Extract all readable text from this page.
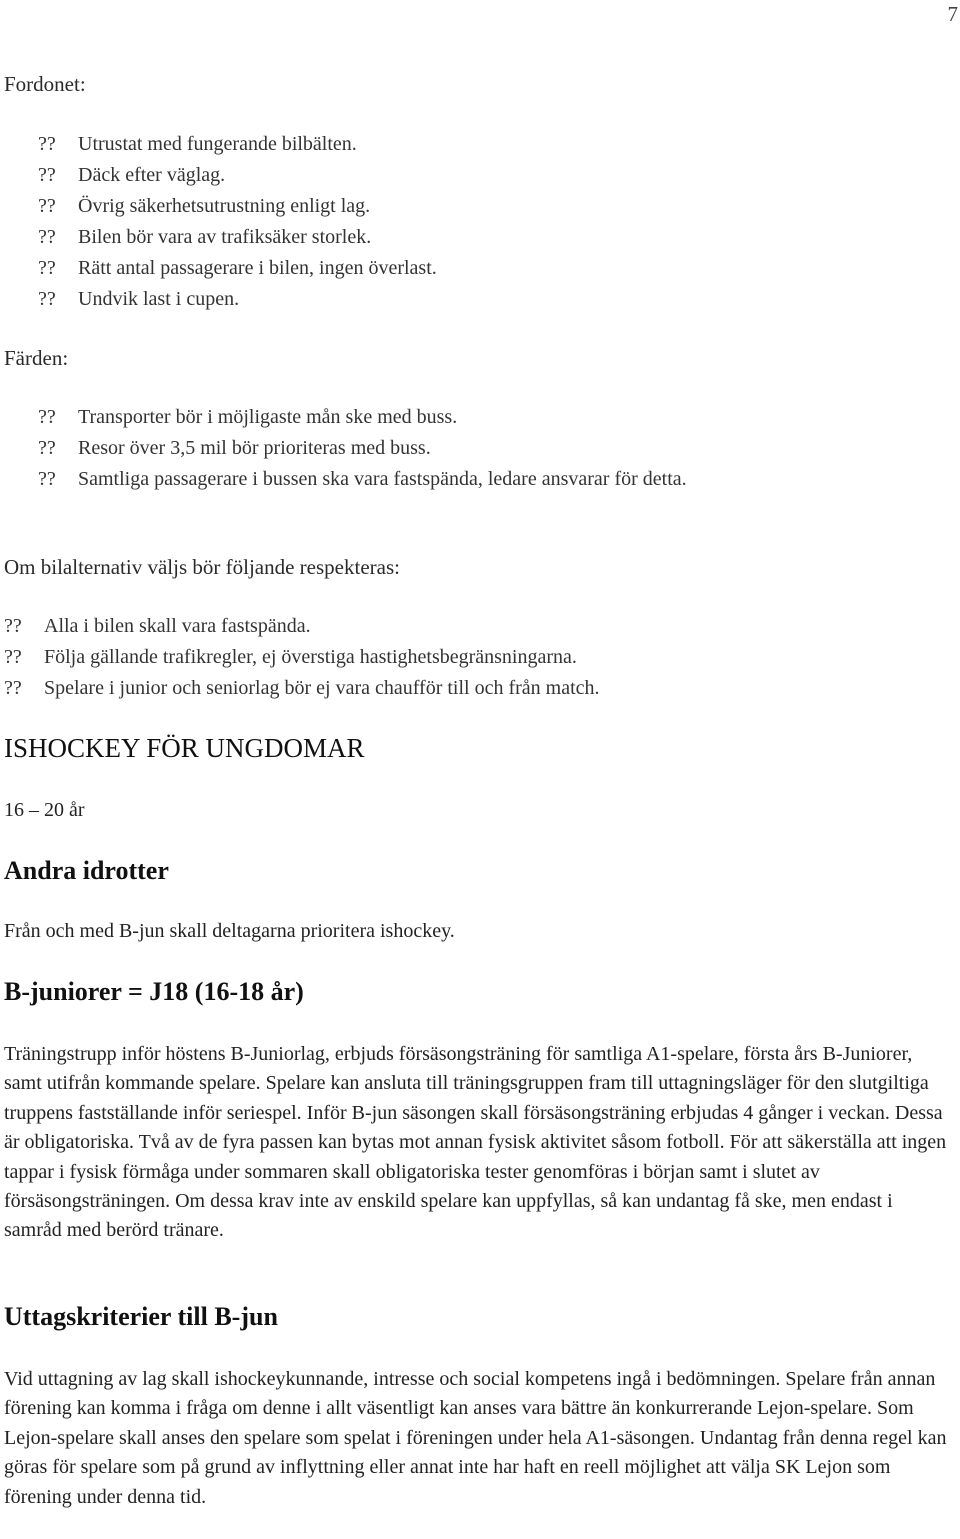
7
Fordonet:
?? Utrustat med fungerande bilbälten.
?? Däck efter väglag.
?? Övrig säkerhetsutrustning enligt lag.
?? Bilen bör vara av trafiksäker storlek.
?? Rätt antal passagerare i bilen, ingen överlast.
?? Undvik last i cupen.
Färden:
?? Transporter bör i möjligaste mån ske med buss.
?? Resor över 3,5 mil bör prioriteras med buss.
?? Samtliga passagerare i bussen ska vara fastspända, ledare ansvarar för detta.
Om bilalternativ väljs bör följande respekteras:
?? Alla i bilen skall vara fastspända.
?? Följa gällande trafikregler, ej överstiga hastighetsbegränsningarna.
?? Spelare i junior och seniorlag bör ej vara chaufför till och från match.
ISHOCKEY FÖR UNGDOMAR
16 – 20 år
Andra idrotter
Från och med B-jun skall deltagarna prioritera ishockey.
B-juniorer = J18 (16-18 år)
Träningstrupp inför höstens B-Juniorlag, erbjuds försäsongsträning för samtliga A1-spelare, första års B-Juniorer, samt utifrån kommande spelare. Spelare kan ansluta till träningsgruppen fram till uttagningsläger för den slutgiltiga truppens fastställande inför seriespel. Inför B-jun säsongen skall försäsongsträning erbjudas 4 gånger i veckan. Dessa är obligatoriska. Två av de fyra passen kan bytas mot annan fysisk aktivitet såsom fotboll. För att säkerställa att ingen tappar i fysisk förmåga under sommaren skall obligatoriska tester genomföras i början samt i slutet av försäsongsträningen. Om dessa krav inte av enskild spelare kan uppfyllas, så kan undantag få ske, men endast i samråd med berörd tränare.
Uttagskriterier till B-jun
Vid uttagning av lag skall ishockeykunnande, intresse och social kompetens ingå i bedömningen. Spelare från annan förening kan komma i fråga om denne i allt väsentligt kan anses vara bättre än konkurrerande Lejon-spelare. Som Lejon-spelare skall anses den spelare som spelat i föreningen under hela A1-säsongen. Undantag från denna regel kan göras för spelare som på grund av inflyttning eller annat inte har haft en reell möjlighet att välja SK Lejon som förening under denna tid.
